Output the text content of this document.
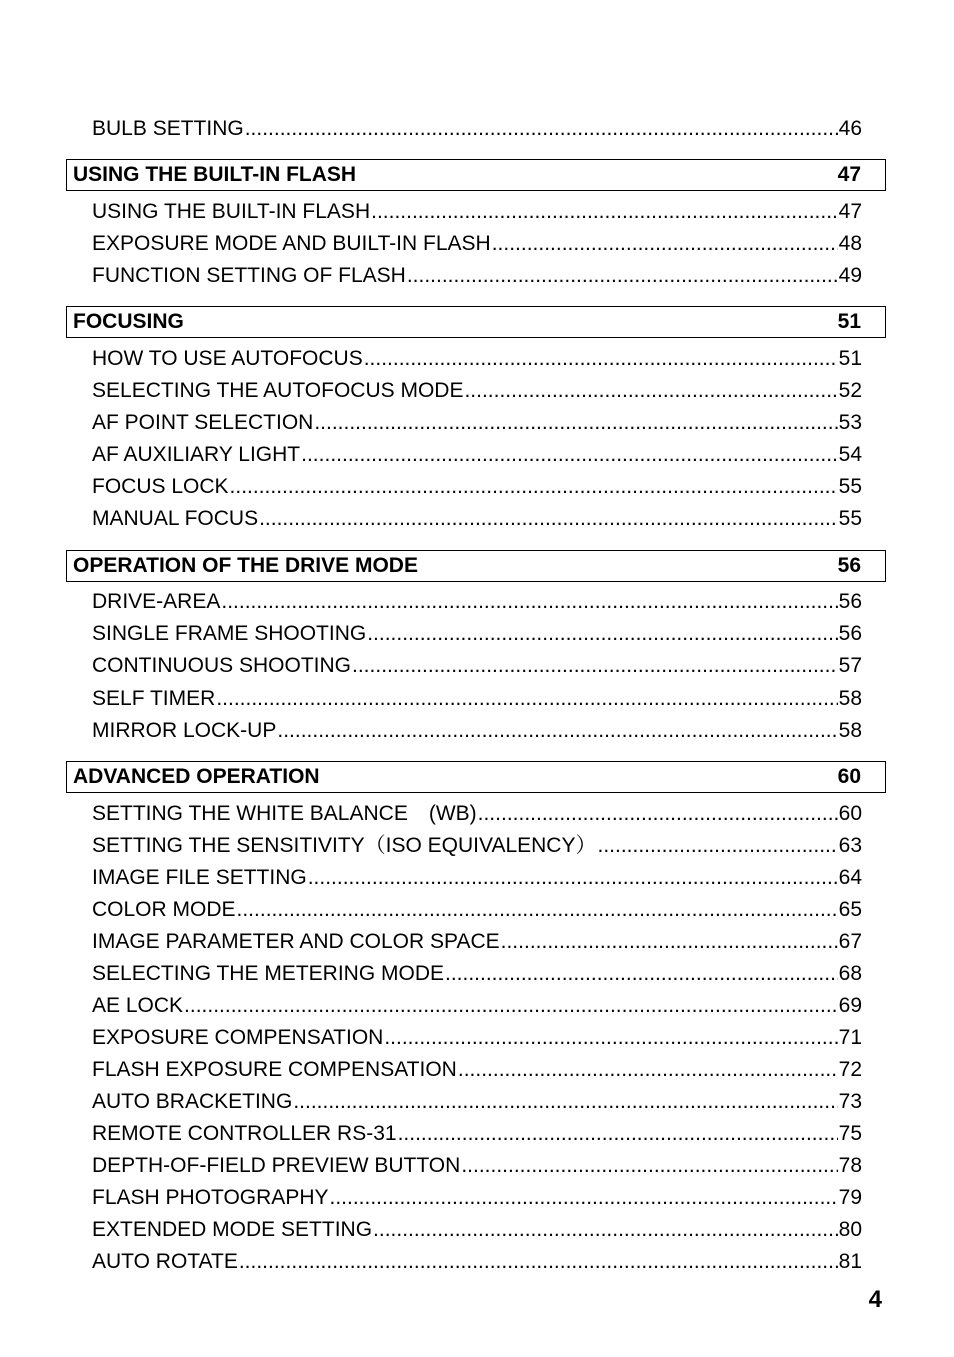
BULB SETTING .....	46
USING THE BUILT-IN FLASH	47
USING THE BUILT-IN FLASH .....	47
EXPOSURE MODE AND BUILT-IN FLASH .....	48
FUNCTION SETTING OF FLASH .....	49
FOCUSING	51
HOW TO USE AUTOFOCUS .....	51
SELECTING THE AUTOFOCUS MODE .....	52
AF POINT SELECTION .....	53
AF AUXILIARY LIGHT .....	54
FOCUS LOCK .....	55
MANUAL FOCUS .....	55
OPERATION OF THE DRIVE MODE	56
DRIVE-AREA .....	56
SINGLE FRAME SHOOTING .....	56
CONTINUOUS SHOOTING .....	57
SELF TIMER .....	58
MIRROR LOCK-UP .....	58
ADVANCED OPERATION	60
SETTING THE WHITE BALANCE　(WB) .....	60
SETTING THE SENSITIVITY（ISO EQUIVALENCY） .....	63
IMAGE FILE SETTING .....	64
COLOR MODE .....	65
IMAGE PARAMETER AND COLOR SPACE .....	67
SELECTING THE METERING MODE .....	68
AE LOCK .....	69
EXPOSURE COMPENSATION .....	71
FLASH EXPOSURE COMPENSATION .....	72
AUTO BRACKETING .....	73
REMOTE CONTROLLER RS-31 .....	75
DEPTH-OF-FIELD PREVIEW BUTTON .....	78
FLASH PHOTOGRAPHY .....	79
EXTENDED MODE SETTING .....	80
AUTO ROTATE .....	81
4
